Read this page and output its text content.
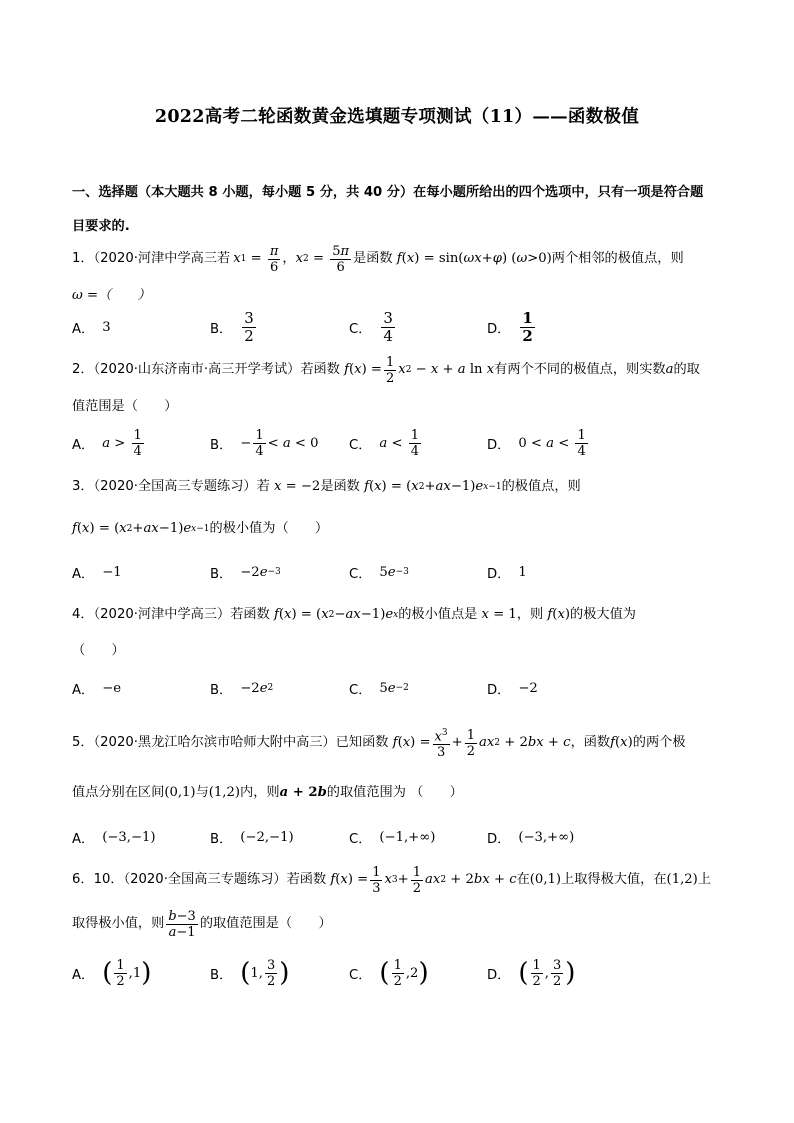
2022高考二轮函数黄金选填题专项测试（11）——函数极值
一、选择题（本大题共 8 小题，每小题 5 分，共 40 分）在每小题所给出的四个选项中，只有一项是符合题
目要求的.
1．（2020·河津中学高三若 x $1 = \frac{\pi}{6}$ ， x $2 = \frac{5\pi}{6}$ 是函数 f ( x ) = sin( ωx + φ ) ( ω >0) 两个相邻的极值点，则
ω =（　　）
A． 3	B． $\frac{3}{2}$	C． $\frac{3}{4}$	D． $\frac{1}{2}$
2．（2020·山东济南市·高三开学考试）若函数 f ( x ) = $\frac{1}{2}$ x 2 − x + a ln x 有两个不同的极值点，则实数 a 的取
值范围是（　　）
A． $a > \frac{1}{4}$	B． − $\frac{1}{4} < a < 0$ C． $a < \frac{1}{4}$	D． $0 < a < \frac{1}{4}$
3．（2020·全国高三专题练习）若 x = −2 是函数 f ( x ) = ( x 2 + ax −1) e x−1 的极值点，则
f ( x ) = ( x 2 + ax −1) e x−1 的极小值为（　　）
A． −1	B． −2 e −3	C． 5 e −3	D． 1
4．（2020·河津中学高三）若函数 f ( x ) = ( x 2 − ax −1) e x 的极小值点是 x = 1 ，则 f ( x ) 的极大值为
（　　）
A． −e	B． −2 e 2	C． 5 e −2	D． −2
5．（2020·黑龙江哈尔滨市哈师大附中高三）已知函数 f ( x ) = $\frac{x^3}{3} + \frac{1}{2}$ ax 2 + 2 bx + c ，函数 f ( x ) 的两个极
值点分别在区间 (0,1) 与 (1,2) 内，则 a + 2 b 的取值范围为 （　　）
A． (−3,−1)	B． (−2,−1)	C． (−1,+∞)	D． (−3,+∞)
6．10．（2020·全国高三专题练习）若函数 f ( x ) = $\frac{1}{3}$ x $3 + \frac{1}{2}$ ax 2 + 2 bx + c 在 (0,1) 上取得极大值，在 (1,2) 上
取得极小值，则 $\frac{b-3}{a-1}$ 的取值范围是（　　）
A． ( $\frac{1}{2} ,1$ )	B． ( 1, $\frac{3}{2}$ )	C． ( $\frac{1}{2} ,2$ )	D． ( $\frac{1}{2}$ , $\frac{3}{2}$ )
